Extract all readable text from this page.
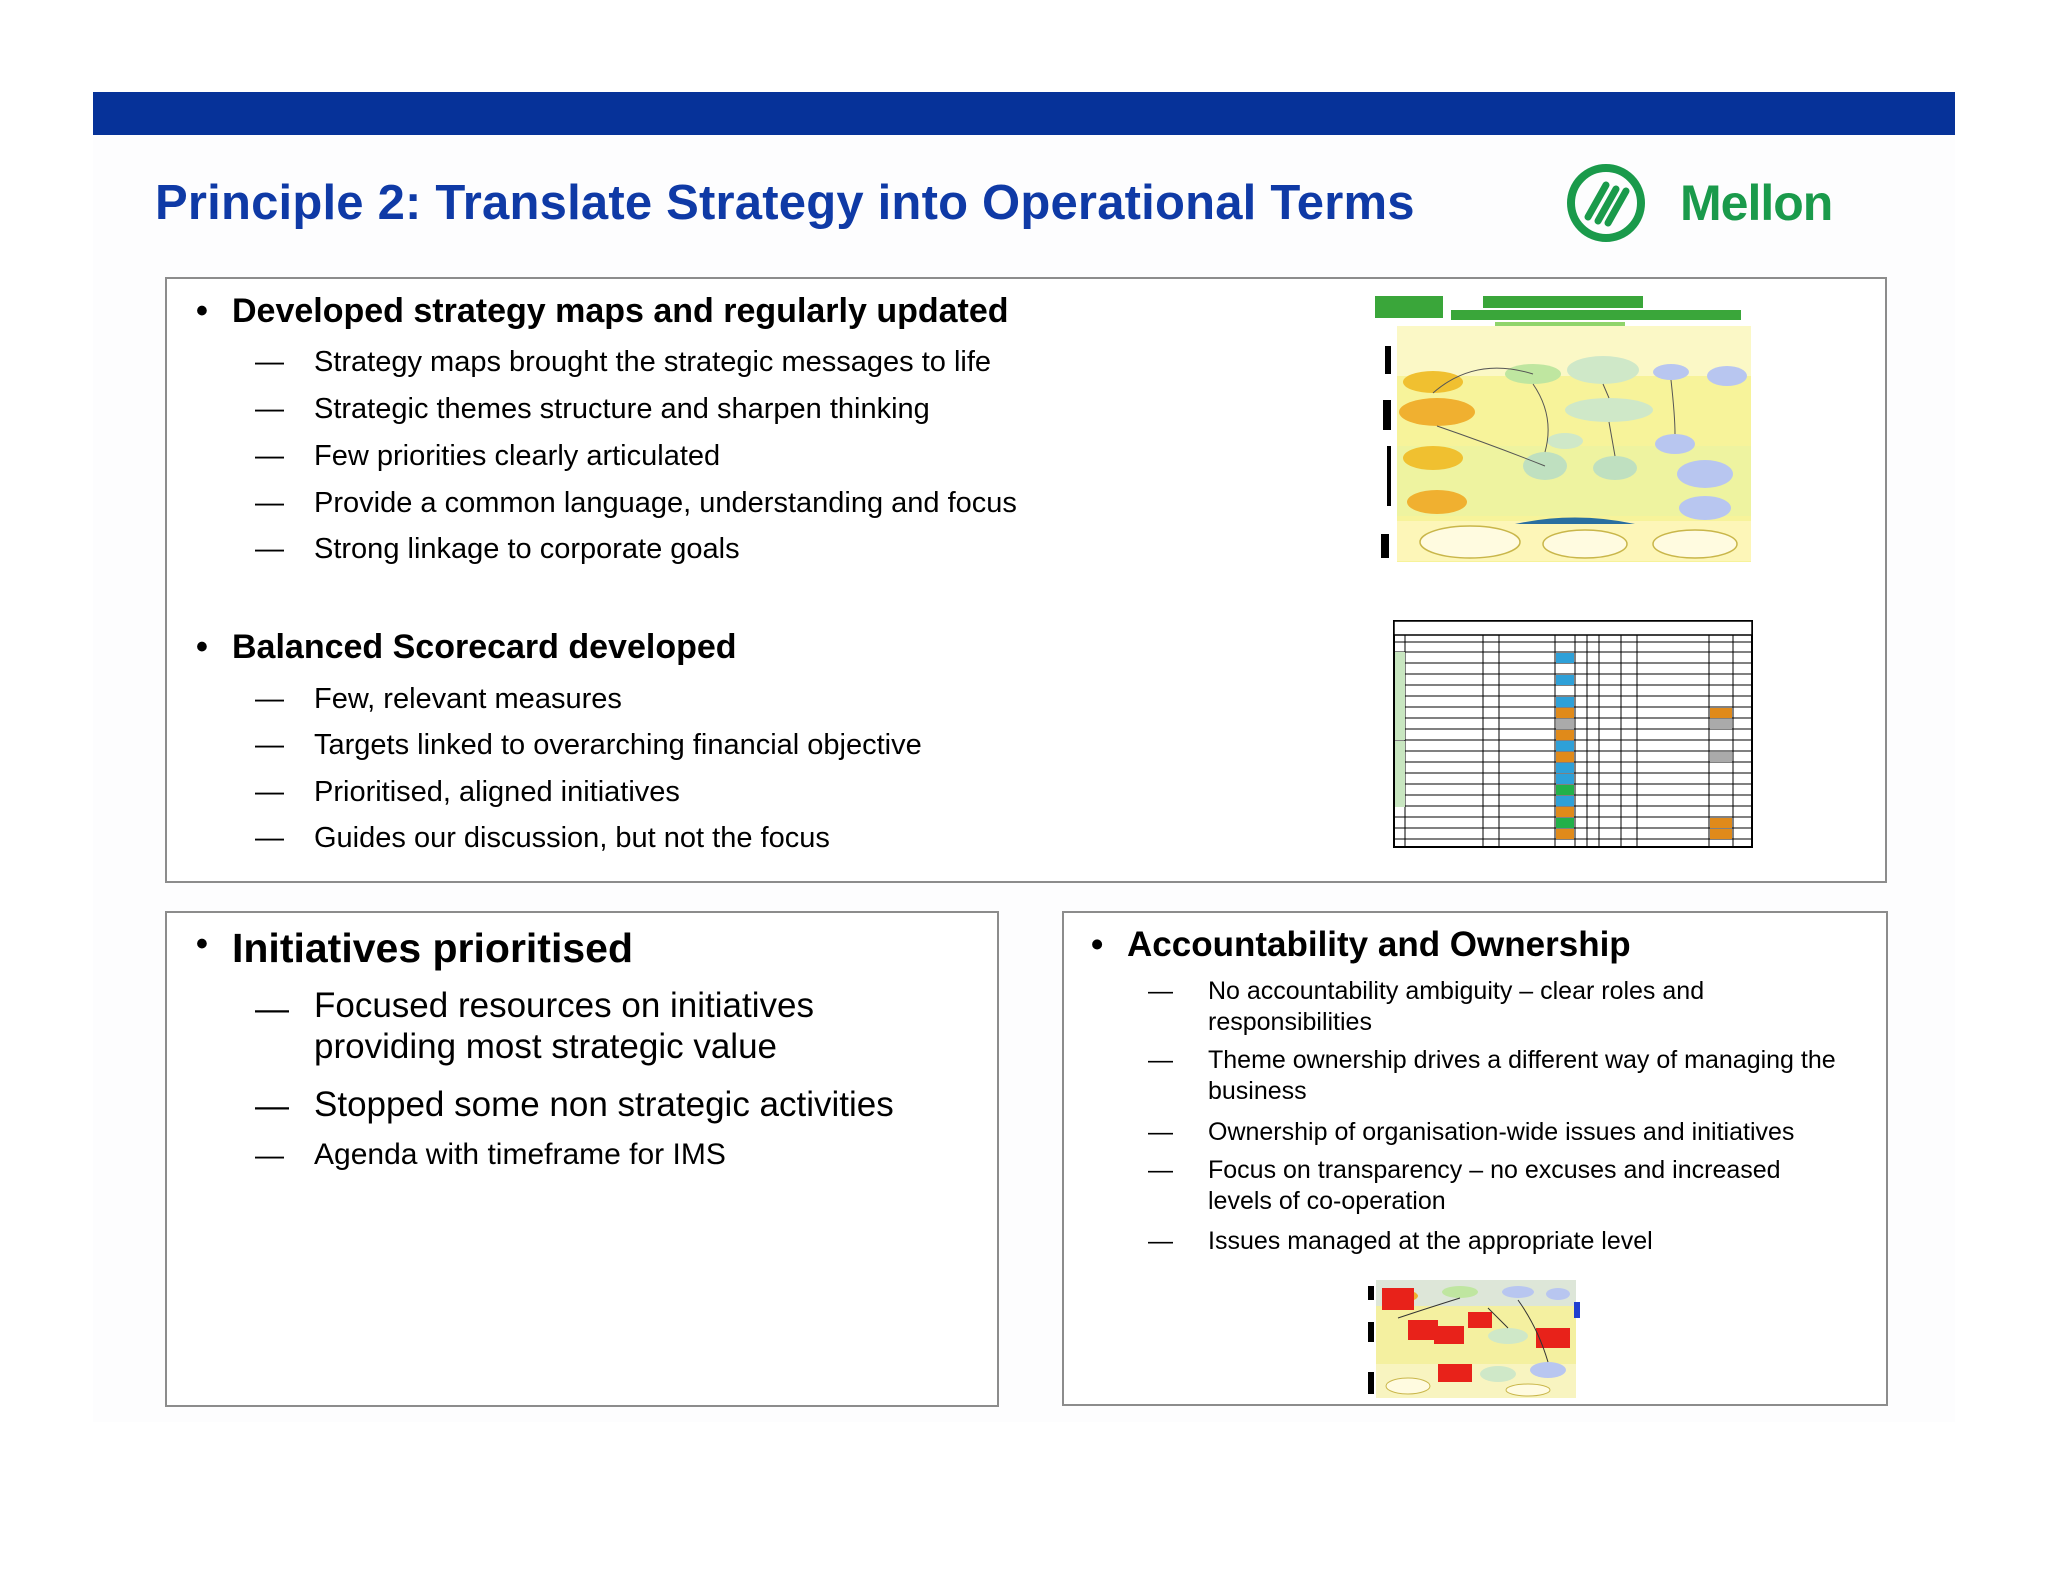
Principle 2: Translate Strategy into Operational Terms	Mellon
• Developed strategy maps and regularly updated
— Strategy maps brought the strategic messages to life
— Strategic themes structure and sharpen thinking
— Few priorities clearly articulated
— Provide a common language, understanding and focus
— Strong linkage to corporate goals
• Balanced Scorecard developed
— Few, relevant measures
— Targets linked to overarching financial objective
— Prioritised, aligned initiatives
— Guides our discussion, but not the focus
• Initiatives prioritised
— Focused resources on initiatives providing most strategic value
— Stopped some non strategic activities
— Agenda with timeframe for IMS
• Accountability and Ownership
— No accountability ambiguity – clear roles and responsibilities
— Theme ownership drives a different way of managing the business
— Ownership of organisation-wide issues and initiatives
— Focus on transparency – no excuses and increased levels of co-operation
— Issues managed at the appropriate level
